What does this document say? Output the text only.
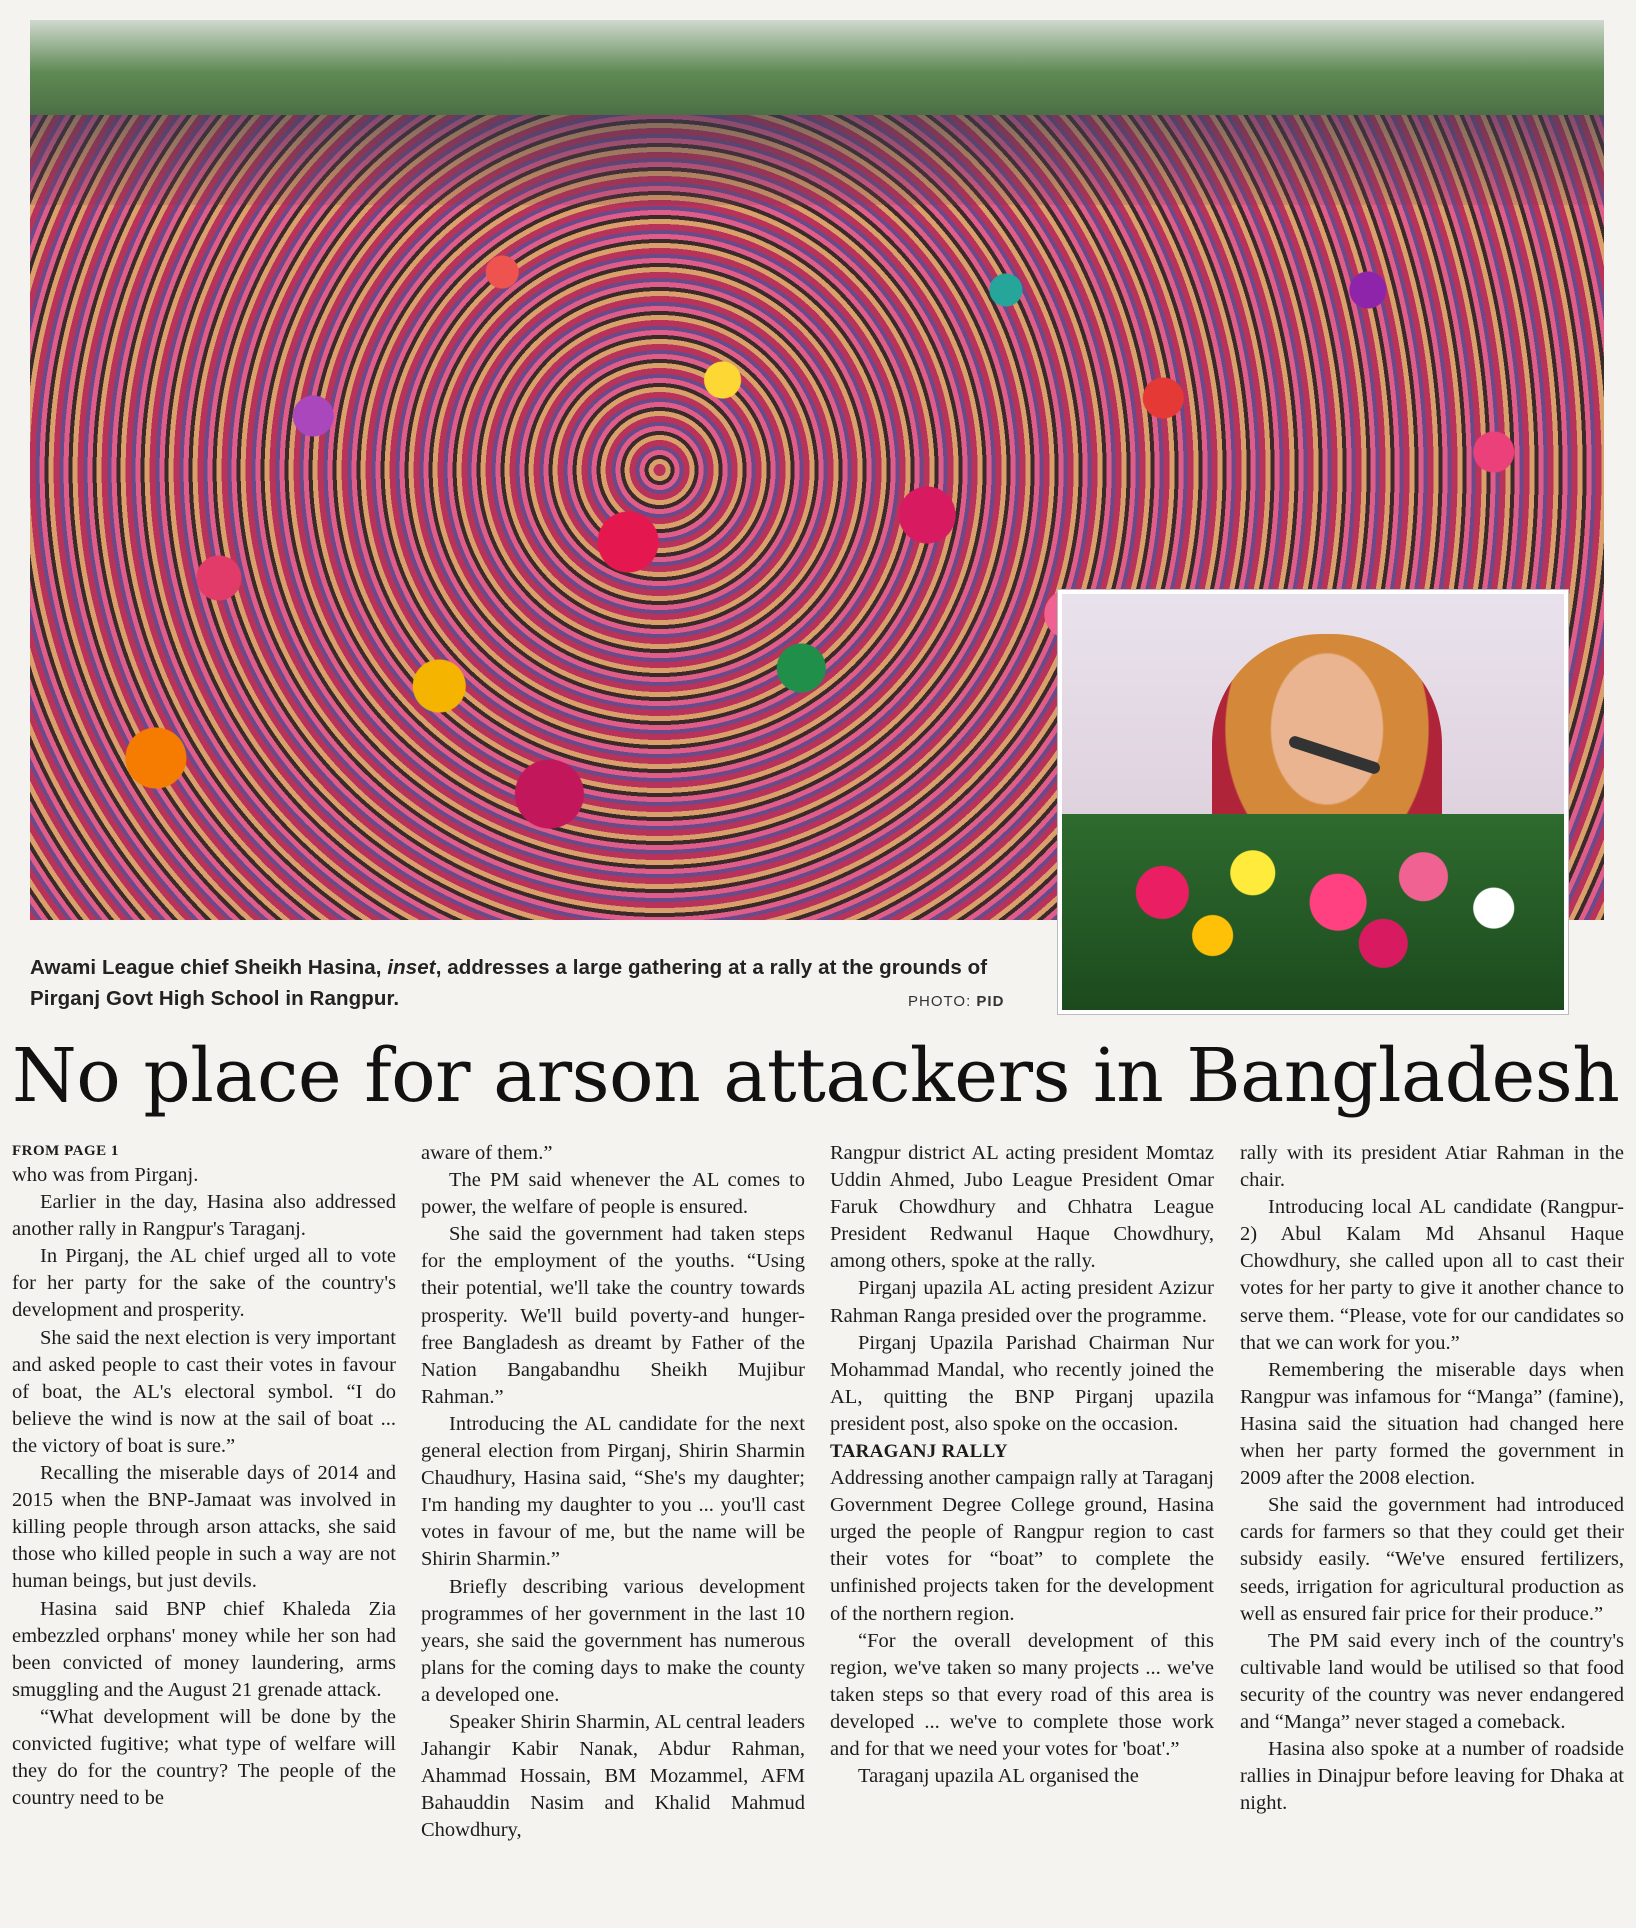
Awami League chief Sheikh Hasina, inset, addresses a large gathering at a rally at the grounds of Pirganj Govt High School in Rangpur.	PHOTO: PID
No place for arson attackers in Bangladesh
FROM PAGE 1

who was from Pirganj.

Earlier in the day, Hasina also addressed another rally in Rangpur's Taraganj.

In Pirganj, the AL chief urged all to vote for her party for the sake of the country's development and prosperity.

She said the next election is very important and asked people to cast their votes in favour of boat, the AL's electoral symbol. “I do believe the wind is now at the sail of boat ... the victory of boat is sure.”

Recalling the miserable days of 2014 and 2015 when the BNP-Jamaat was involved in killing people through arson attacks, she said those who killed people in such a way are not human beings, but just devils.

Hasina said BNP chief Khaleda Zia embezzled orphans' money while her son had been convicted of money laundering, arms smuggling and the August 21 grenade attack.

“What development will be done by the convicted fugitive; what type of welfare will they do for the country? The people of the country need to be

aware of them.”

The PM said whenever the AL comes to power, the welfare of people is ensured.

She said the government had taken steps for the employment of the youths. “Using their potential, we'll take the country towards prosperity. We'll build poverty-and hunger-free Bangladesh as dreamt by Father of the Nation Bangabandhu Sheikh Mujibur Rahman.”

Introducing the AL candidate for the next general election from Pirganj, Shirin Sharmin Chaudhury, Hasina said, “She's my daughter; I'm handing my daughter to you ... you'll cast votes in favour of me, but the name will be Shirin Sharmin.”

Briefly describing various development programmes of her government in the last 10 years, she said the government has numerous plans for the coming days to make the county a developed one.

Speaker Shirin Sharmin, AL central leaders Jahangir Kabir Nanak, Abdur Rahman, Ahammad Hossain, BM Mozammel, AFM Bahauddin Nasim and Khalid Mahmud Chowdhury,

Rangpur district AL acting president Momtaz Uddin Ahmed, Jubo League President Omar Faruk Chowdhury and Chhatra League President Redwanul Haque Chowdhury, among others, spoke at the rally.

Pirganj upazila AL acting president Azizur Rahman Ranga presided over the programme.

Pirganj Upazila Parishad Chairman Nur Mohammad Mandal, who recently joined the AL, quitting the BNP Pirganj upazila president post, also spoke on the occasion.

TARAGANJ RALLY

Addressing another campaign rally at Taraganj Government Degree College ground, Hasina urged the people of Rangpur region to cast their votes for “boat” to complete the unfinished projects taken for the development of the northern region.

“For the overall development of this region, we've taken so many projects ... we've taken steps so that every road of this area is developed ... we've to complete those work and for that we need your votes for 'boat'.”

Taraganj upazila AL organised the

rally with its president Atiar Rahman in the chair.

Introducing local AL candidate (Rangpur-2) Abul Kalam Md Ahsanul Haque Chowdhury, she called upon all to cast their votes for her party to give it another chance to serve them. “Please, vote for our candidates so that we can work for you.”

Remembering the miserable days when Rangpur was infamous for “Manga” (famine), Hasina said the situation had changed here when her party formed the government in 2009 after the 2008 election.

She said the government had introduced cards for farmers so that they could get their subsidy easily. “We've ensured fertilizers, seeds, irrigation for agricultural production as well as ensured fair price for their produce.”

The PM said every inch of the country's cultivable land would be utilised so that food security of the country was never endangered and “Manga” never staged a comeback.

Hasina also spoke at a number of roadside rallies in Dinajpur before leaving for Dhaka at night.
